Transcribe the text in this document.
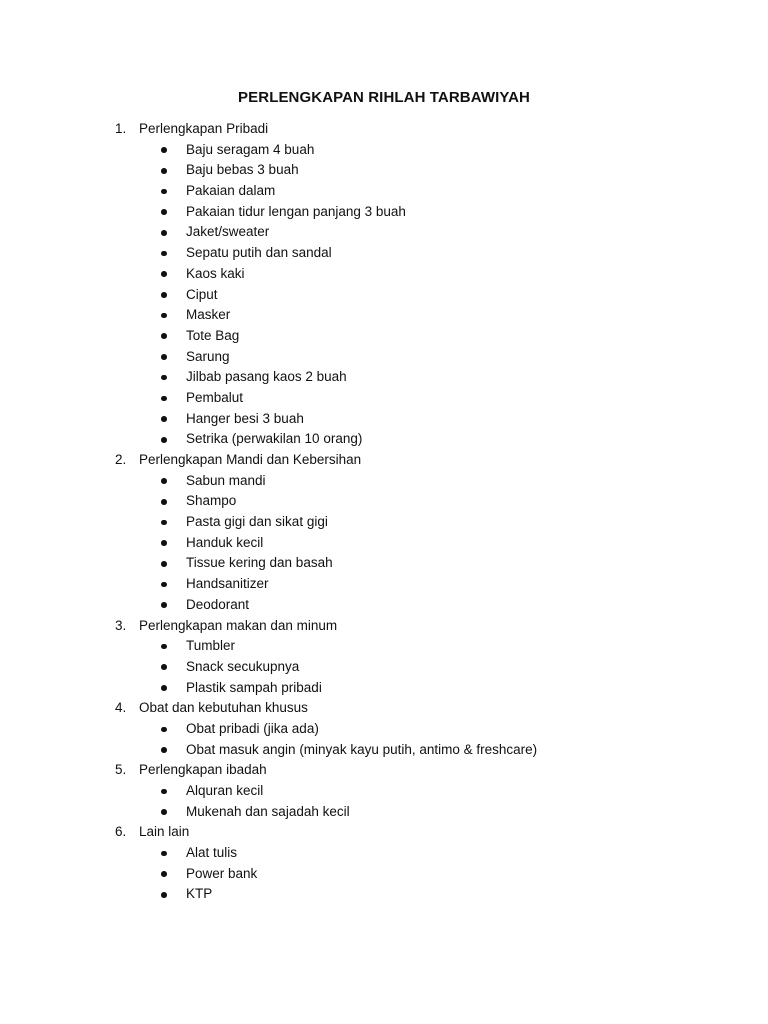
PERLENGKAPAN RIHLAH TARBAWIYAH
1. Perlengkapan Pribadi
Baju seragam 4 buah
Baju bebas 3 buah
Pakaian dalam
Pakaian tidur lengan panjang 3 buah
Jaket/sweater
Sepatu putih dan sandal
Kaos kaki
Ciput
Masker
Tote Bag
Sarung
Jilbab pasang kaos 2 buah
Pembalut
Hanger besi 3 buah
Setrika (perwakilan 10 orang)
2. Perlengkapan Mandi dan Kebersihan
Sabun mandi
Shampo
Pasta gigi dan sikat gigi
Handuk kecil
Tissue kering dan basah
Handsanitizer
Deodorant
3. Perlengkapan makan dan minum
Tumbler
Snack secukupnya
Plastik sampah pribadi
4. Obat dan kebutuhan khusus
Obat pribadi (jika ada)
Obat masuk angin (minyak kayu putih, antimo & freshcare)
5. Perlengkapan ibadah
Alquran kecil
Mukenah dan sajadah kecil
6. Lain lain
Alat tulis
Power bank
KTP
